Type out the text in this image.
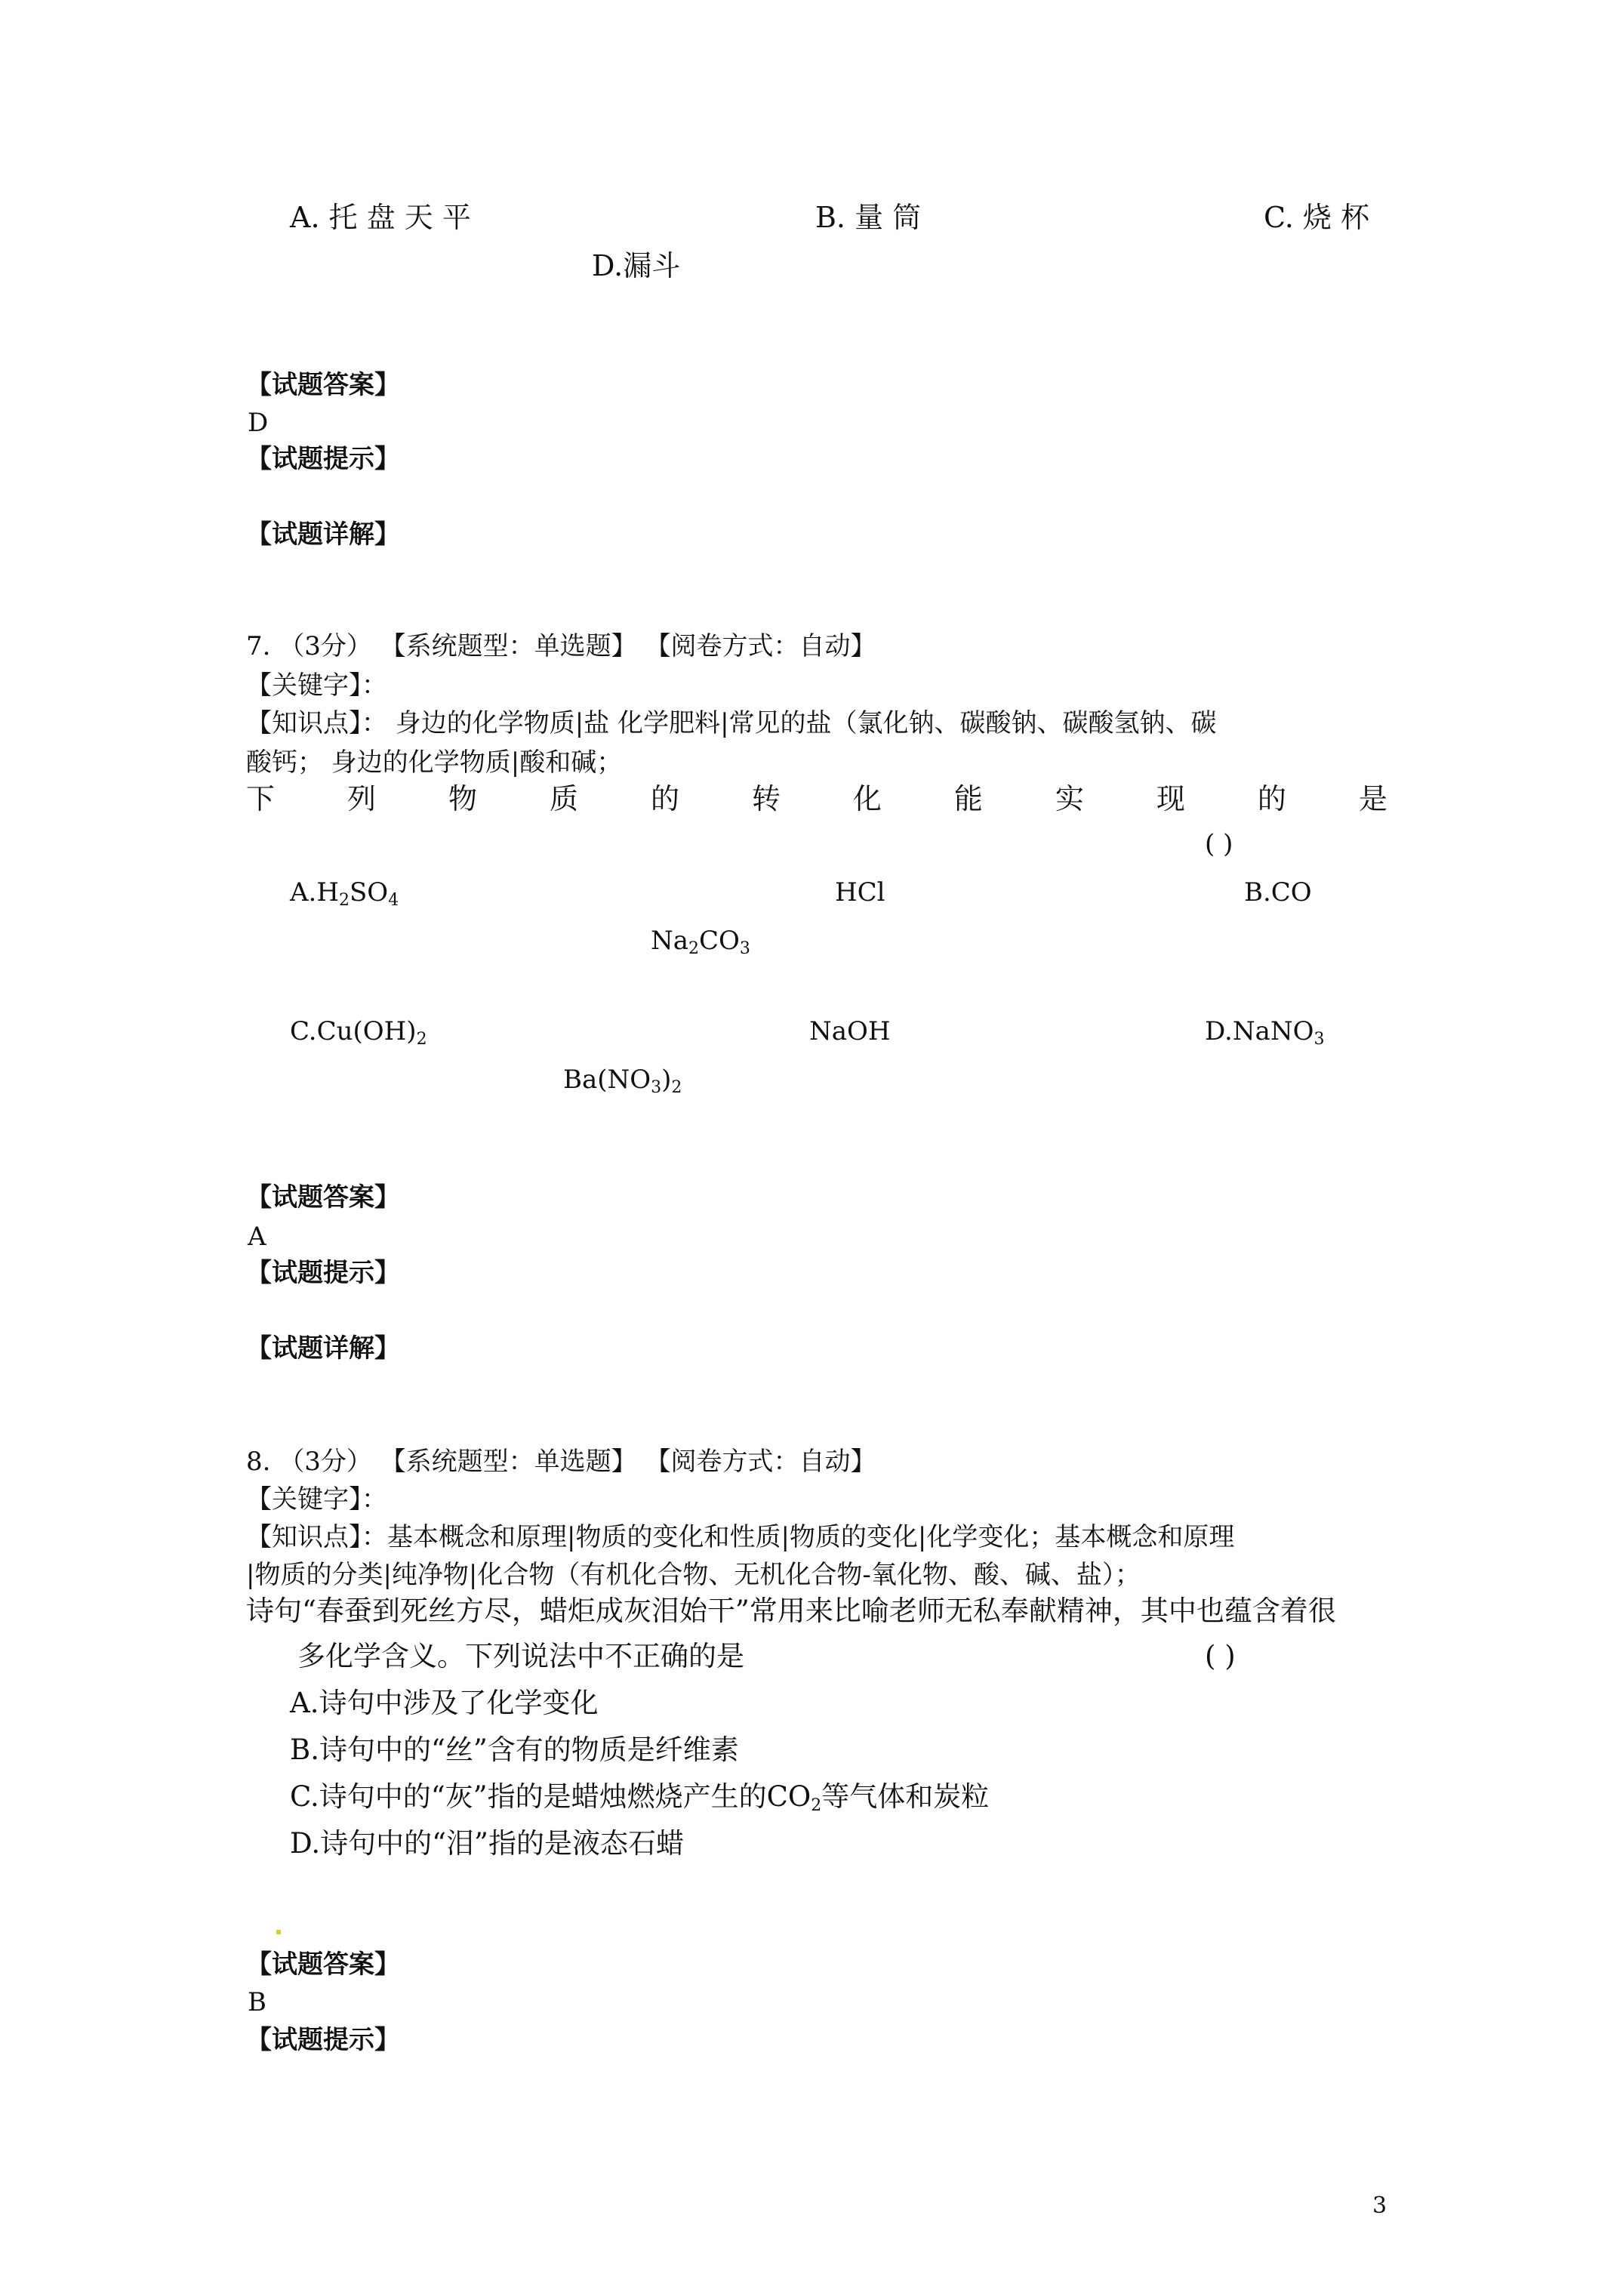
A. 托 盘 天 平	B. 量 筒	C. 烧 杯
D.漏斗
【试题答案】
D
【试题提示】
【试题详解】
7. （3分） 【系统题型：单选题】 【阅卷方式：自动】
【关键字】：
【知识点】： 身边的化学物质|盐 化学肥料|常见的盐（氯化钠、碳酸钠、碳酸氢钠、碳
酸钙； 身边的化学物质|酸和碱；
下	列	物	质	的	转	化	能	实	现	的	是
( )
$A.H_2SO_4$	HCl	B.CO
$Na_2CO_3$
$C.Cu(OH)_2$	NaOH	D.NaNO$_3$
$Ba(NO_3)_2$
【试题答案】
A
【试题提示】
【试题详解】
8. （3分） 【系统题型：单选题】 【阅卷方式：自动】
【关键字】：
【知识点】：基本概念和原理|物质的变化和性质|物质的变化|化学变化；基本概念和原理
|物质的分类|纯净物|化合物（有机化合物、无机化合物-氧化物、酸、碱、盐）；
诗句“春蚕到死丝方尽，蜡炬成灰泪始干”常用来比喻老师无私奉献精神，其中也蕴含着很
多化学含义。下列说法中不正确的是	( )
A.诗句中涉及了化学变化
B.诗句中的“丝”含有的物质是纤维素
C.诗句中的“灰”指的是蜡烛燃烧产生的$CO_2$等气体和炭粒
D.诗句中的“泪”指的是液态石蜡
【试题答案】
B
【试题提示】
3
